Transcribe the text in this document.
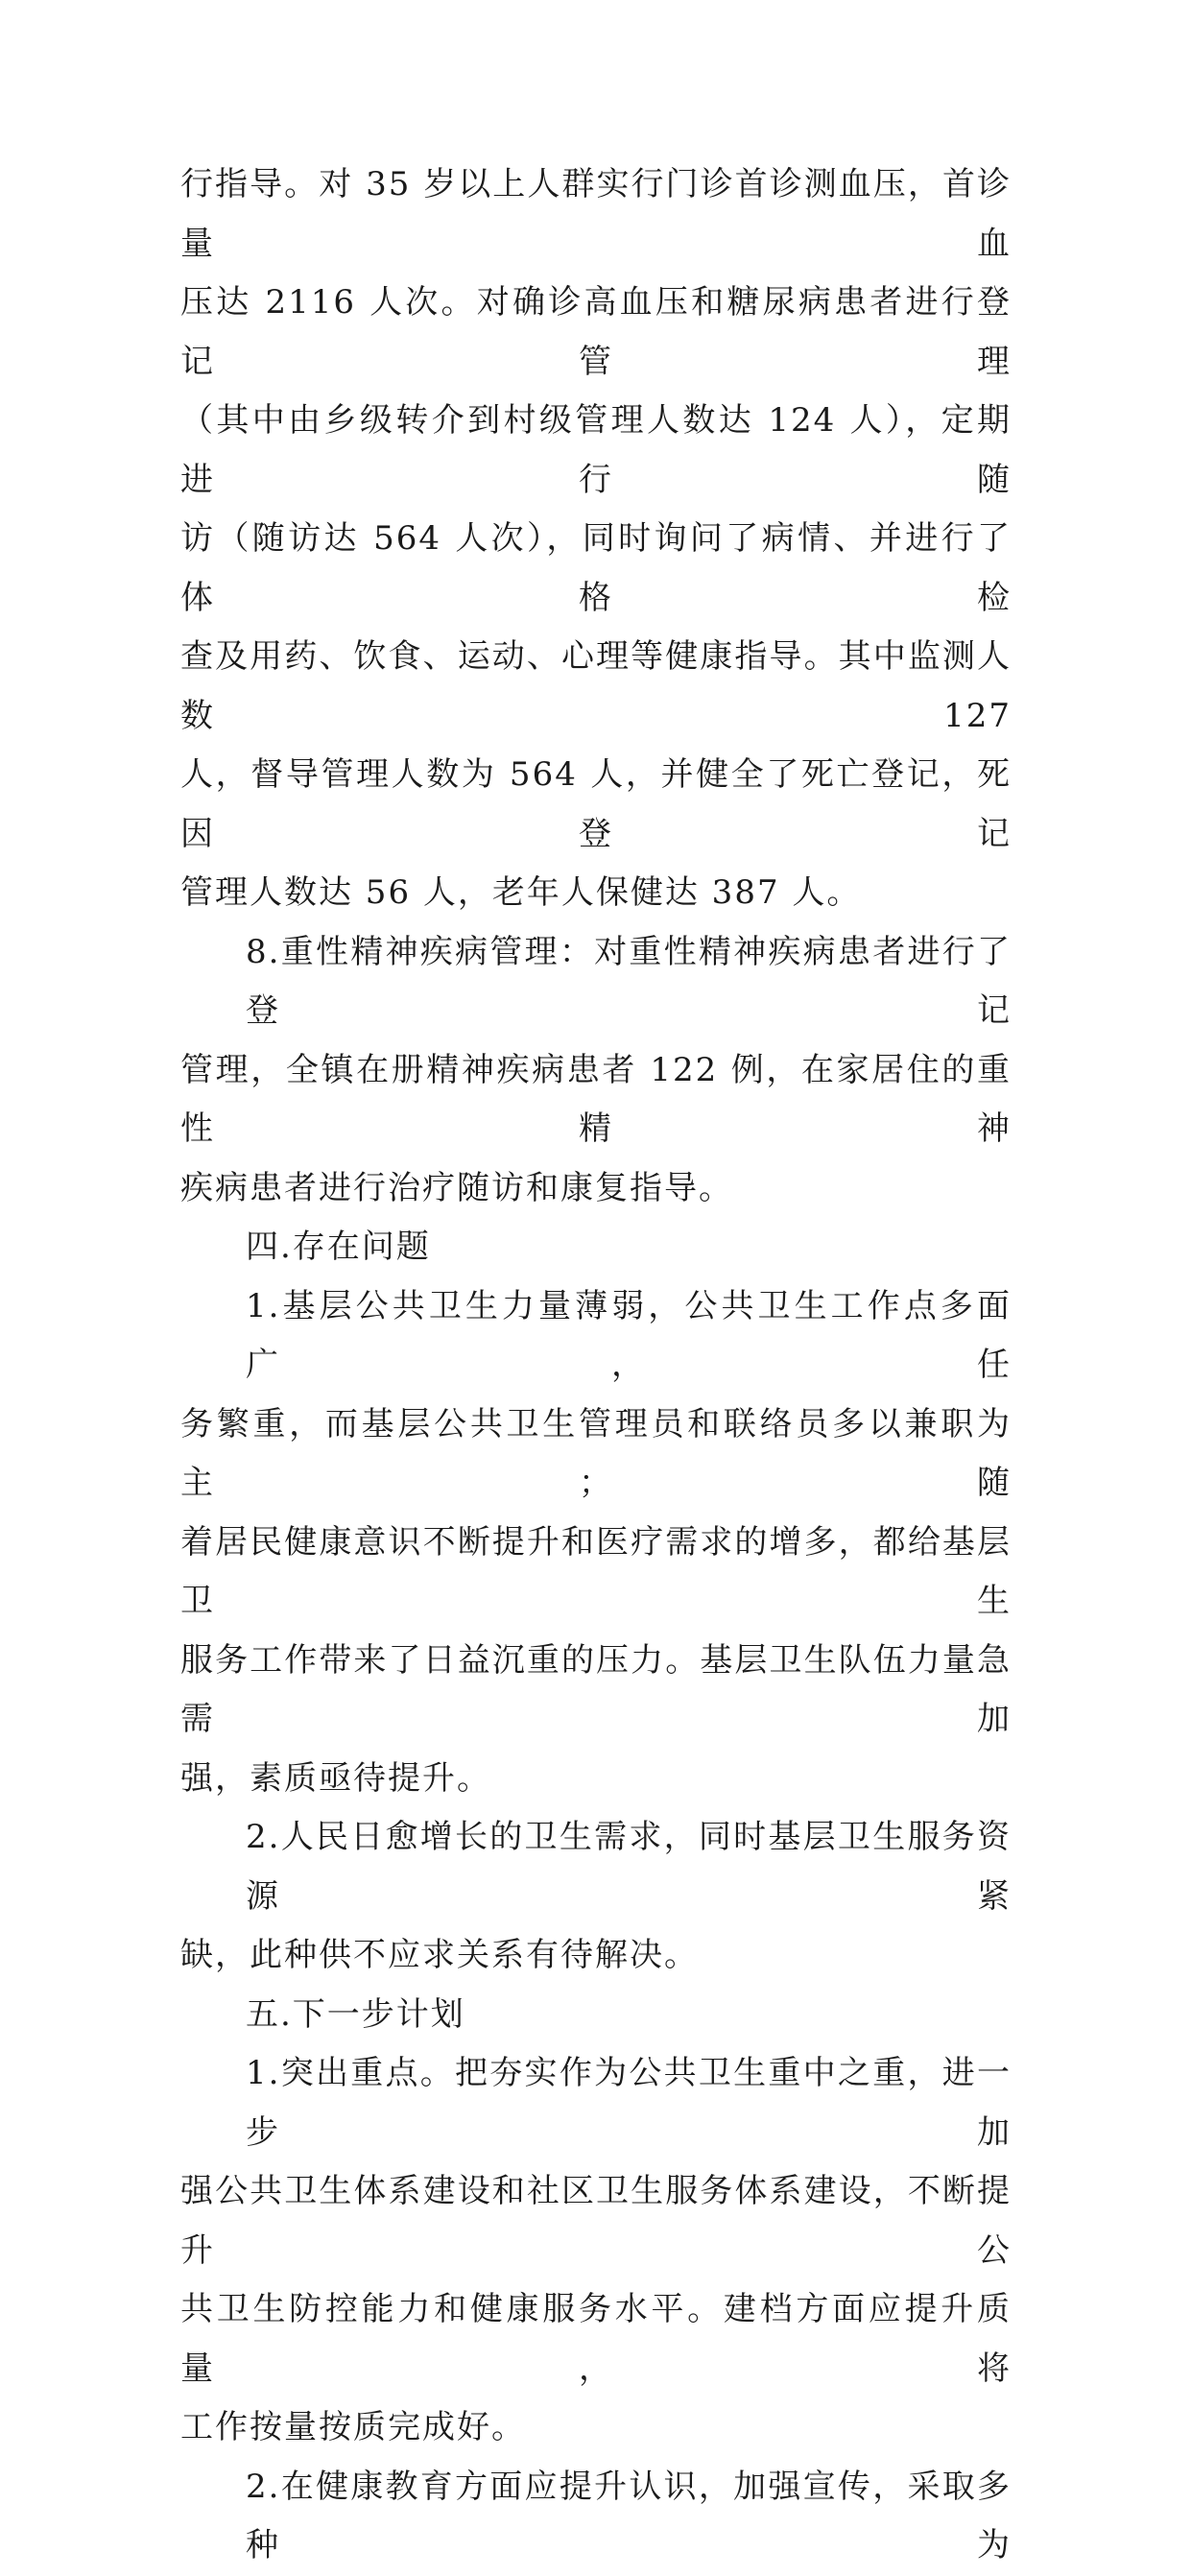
行指导。对 35 岁以上人群实行门诊首诊测血压，首诊量血
压达 2116 人次。对确诊高血压和糖尿病患者进行登记管理
（其中由乡级转介到村级管理人数达 124 人），定期进行随
访（随访达 564 人次），同时询问了病情、并进行了体格检
查及用药、饮食、运动、心理等健康指导。其中监测人数 127
人，督导管理人数为 564 人，并健全了死亡登记，死因登记
管理人数达 56 人，老年人保健达 387 人。
8.重性精神疾病管理：对重性精神疾病患者进行了登记
管理，全镇在册精神疾病患者 122 例，在家居住的重性精神
疾病患者进行治疗随访和康复指导。
四.存在问题
1.基层公共卫生力量薄弱，公共卫生工作点多面广，任
务繁重，而基层公共卫生管理员和联络员多以兼职为主；随
着居民健康意识不断提升和医疗需求的增多，都给基层卫生
服务工作带来了日益沉重的压力。基层卫生队伍力量急需加
强，素质亟待提升。
2.人民日愈增长的卫生需求，同时基层卫生服务资源紧
缺，此种供不应求关系有待解决。
五.下一步计划
1.突出重点。把夯实作为公共卫生重中之重，进一步加
强公共卫生体系建设和社区卫生服务体系建设，不断提升公
共卫生防控能力和健康服务水平。建档方面应提升质量，将
工作按量按质完成好。
2.在健康教育方面应提升认识，加强宣传，采取多种为
